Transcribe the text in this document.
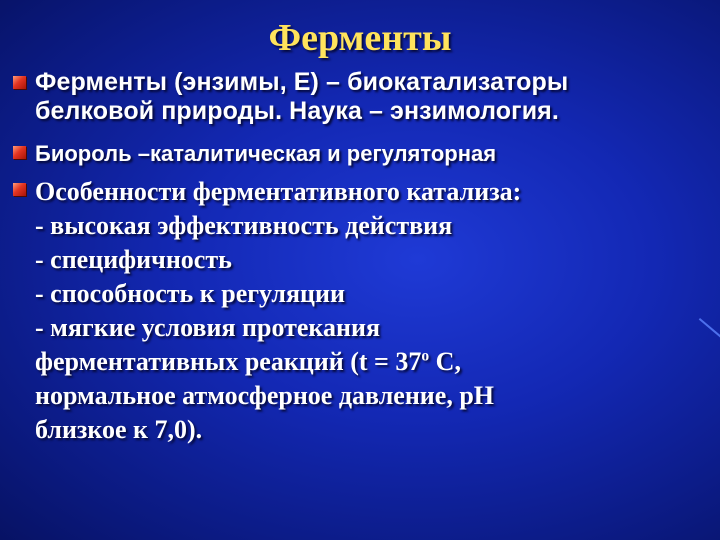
Ферменты

Ферменты (энзимы, Е) – биокатализаторы
белковой природы. Наука – энзимология.

Биороль –каталитическая и регуляторная

Особенности ферментативного катализа:
- высокая эффективность действия
- специфичность
- способность к регуляции
- мягкие условия протекания
ферментативных реакций ($t = 37^о$ С,
нормальное атмосферное давление, рН
близкое к 7,0).
